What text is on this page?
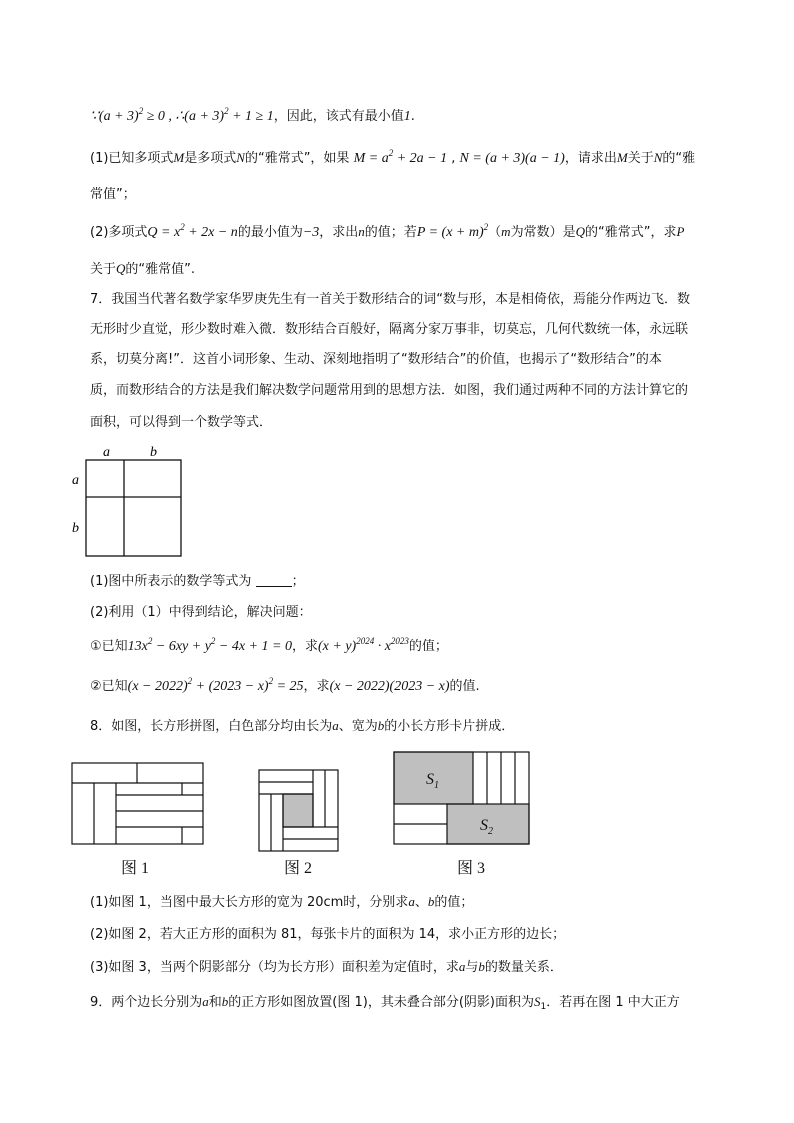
∵(a + 3)$^2$ ≥ 0 , ∴(a + 3)$^2$ + 1 ≥ 1，因此，该式有最小值1.
(1)已知多项式M是多项式N的“雅常式”，如果 $M = a^2 + 2a - 1$ , N = (a + 3)(a − 1)，请求出M关于N的“雅
常值”；
(2)多项式$Q = x^2 + 2x - n$的最小值为−3，求出n的值；若$P = (x + m)^2(m$为常数）是Q的“雅常式”，求P
关于Q的“雅常值”.
7．我国当代著名数学家华罗庚先生有一首关于数形结合的词“数与形，本是相倚依，焉能分作两边飞．数
无形时少直觉，形少数时难入微．数形结合百般好，隔离分家万事非，切莫忘，几何代数统一体，永远联
系，切莫分离!”．这首小词形象、生动、深刻地指明了“数形结合”的价值，也揭示了“数形结合”的本
质，而数形结合的方法是我们解决数学问题常用到的思想方法．如图，我们通过两种不同的方法计算它的
面积，可以得到一个数学等式．
a	b
a
b
(1)图中所表示的数学等式为	；
(2)利用（1）中得到结论，解决问题：
①已知$13x^2 - 6xy + y^2 - 4x + 1 = 0$，求$(x + y)^{2024} \cdot x^{2023}$的值；
②已知$(x - 2022)^2 + (2023 - x)^2 = 25$，求(x − 2022)(2023 − x)的值.
8．如图，长方形拼图，白色部分均由长为a、宽为b的小长方形卡片拼成．
$S_1$
$S_2$
图 1	图 2	图 3
(1)如图 1，当图中最大长方形的宽为 20cm时，分别求a、b的值；
(2)如图 2，若大正方形的面积为 81，每张卡片的面积为 14，求小正方形的边长；
(3)如图 3，当两个阴影部分（均为长方形）面积差为定值时，求a与b的数量关系．
9．两个边长分别为a和b的正方形如图放置(图 1)，其未叠合部分(阴影)面积为$S_1$．若再在图 1 中大正方
